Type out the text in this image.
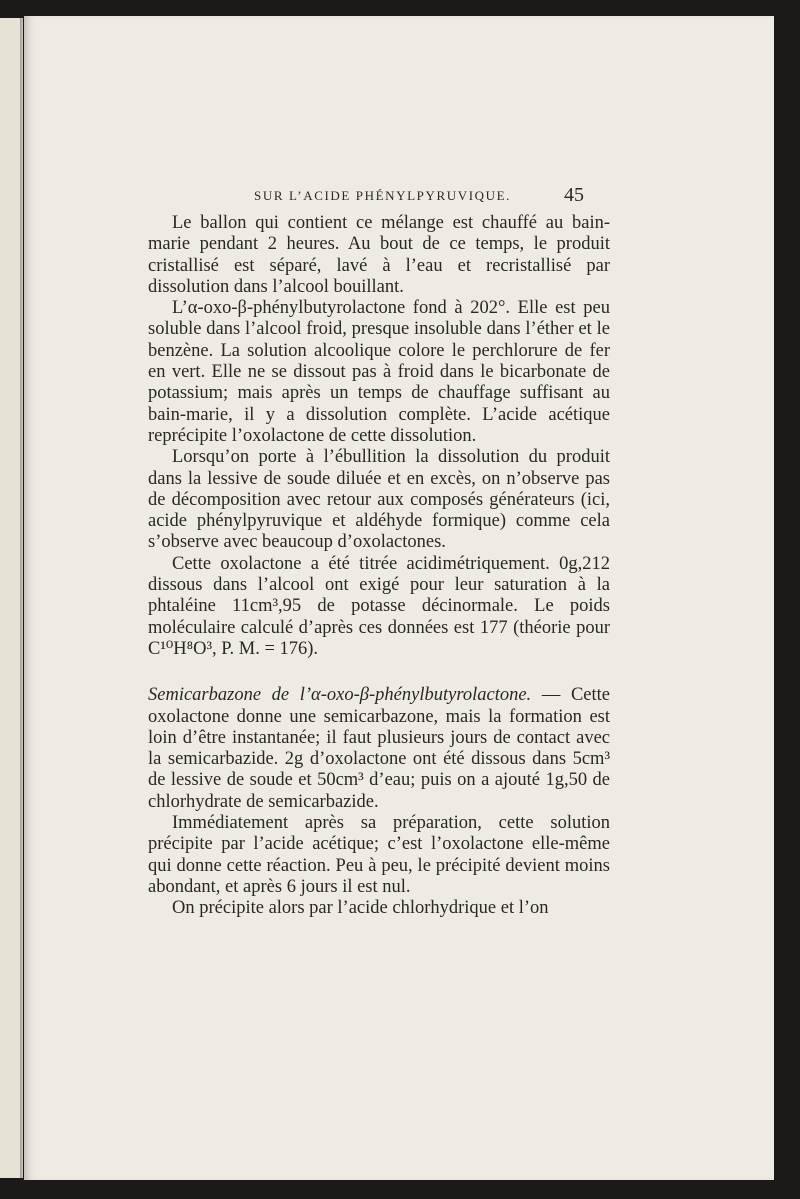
SUR L’ACIDE PHÉNYLPYRUVIQUE.	45

Le ballon qui contient ce mélange est chauffé au bain-marie pendant 2 heures. Au bout de ce temps, le produit cristallisé est séparé, lavé à l’eau et recristallisé par dissolution dans l’alcool bouillant.

L’α-oxo-β-phénylbutyrolactone fond à 202°. Elle est peu soluble dans l’alcool froid, presque insoluble dans l’éther et le benzène. La solution alcoolique colore le perchlorure de fer en vert. Elle ne se dissout pas à froid dans le bicarbonate de potassium; mais après un temps de chauffage suffisant au bain-marie, il y a dissolution complète. L’acide acétique reprécipite l’oxolactone de cette dissolution.

Lorsqu’on porte à l’ébullition la dissolution du produit dans la lessive de soude diluée et en excès, on n’observe pas de décomposition avec retour aux composés générateurs (ici, acide phénylpyruvique et aldéhyde formique) comme cela s’observe avec beaucoup d’oxolactones.

Cette oxolactone a été titrée acidimétriquement. 0g,212 dissous dans l’alcool ont exigé pour leur saturation à la phtaléine 11cm³,95 de potasse décinormale. Le poids moléculaire calculé d’après ces données est 177 (théorie pour C¹⁰H⁸O³, P. M. = 176).

Semicarbazone de l’α-oxo-β-phénylbutyrolactone. — Cette oxolactone donne une semicarbazone, mais la formation est loin d’être instantanée; il faut plusieurs jours de contact avec la semicarbazide. 2g d’oxolactone ont été dissous dans 5cm³ de lessive de soude et 50cm³ d’eau; puis on a ajouté 1g,50 de chlorhydrate de semicarbazide.

Immédiatement après sa préparation, cette solution précipite par l’acide acétique; c’est l’oxolactone elle-même qui donne cette réaction. Peu à peu, le précipité devient moins abondant, et après 6 jours il est nul.

On précipite alors par l’acide chlorhydrique et l’on
